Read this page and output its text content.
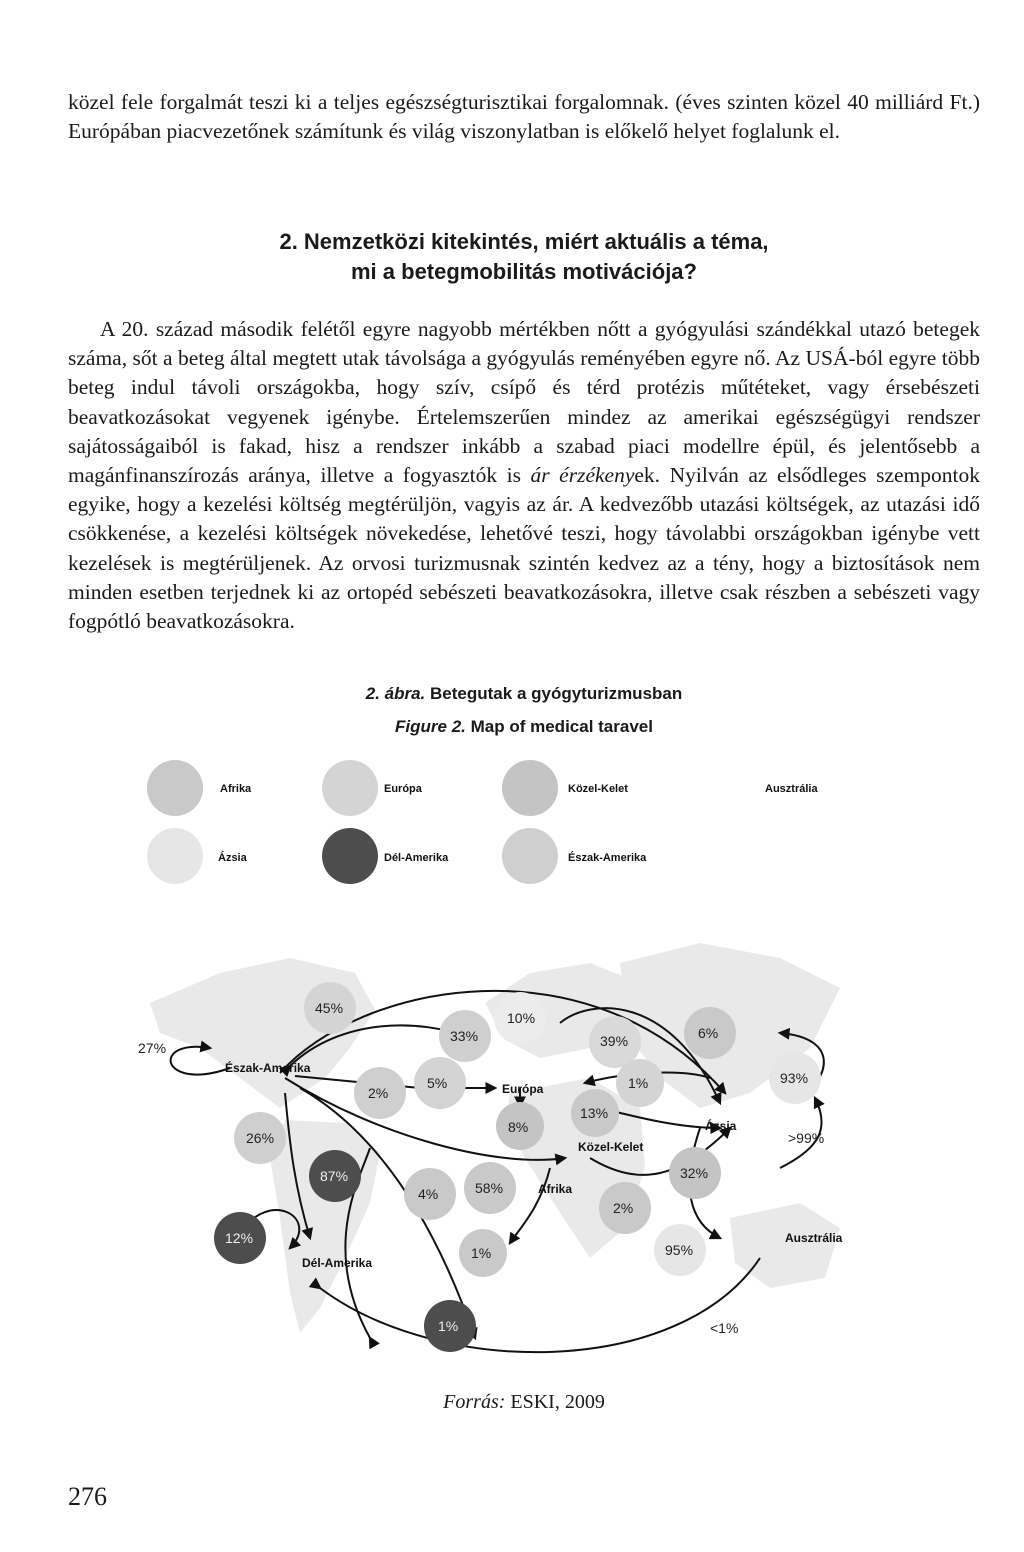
közel fele forgalmát teszi ki a teljes egészségturisztikai forgalomnak. (éves szinten közel 40 milliárd Ft.) Európában piacvezetőnek számítunk és világ viszonylatban is előkelő helyet foglalunk el.

2. Nemzetközi kitekintés, miért aktuális a téma,
mi a betegmobilitás motivációja?

A 20. század második felétől egyre nagyobb mértékben nőtt a gyógyulási szándékkal utazó betegek száma, sőt a beteg által megtett utak távolsága a gyógyulás reményében egyre nő. Az USÁ-ból egyre több beteg indul távoli országokba, hogy szív, csípő és térd protézis műtéteket, vagy érsebészeti beavatkozásokat vegyenek igénybe. Értelemszerűen mindez az amerikai egészségügyi rendszer sajátosságaiból is fakad, hisz a rendszer inkább a szabad piaci modellre épül, és jelentősebb a magánfinanszírozás aránya, illetve a fogyasztók is ár érzékenyek. Nyilván az elsődleges szempontok egyike, hogy a kezelési költség megtérüljön, vagyis az ár. A kedvezőbb utazási költségek, az utazási idő csökkenése, a kezelési költségek növekedése, lehetővé teszi, hogy távolabbi országokban igénybe vett kezelések is megtérüljenek. Az orvosi turizmusnak szintén kedvez az a tény, hogy a biztosítások nem minden esetben terjednek ki az ortopéd sebészeti beavatkozásokra, illetve csak részben a sebészeti vagy fogpótló beavatkozásokra.

2. ábra. Betegutak a gyógyturizmusban
Figure 2. Map of medical taravel
Afrika	Európa	Közel-Kelet	Ausztrália
Ázsia	Dél-Amerika	Észak-Amerika
45%
33%
10%
39%	6%
93%
2%
5%	1%
13%
8%
26%
87%
4%	58%
32%
2%
12%
1%	95%
1%
27%
>99%
<1%
Észak-Amerika
Európa
Közel-Kelet
Afrika
Ázsia
Dél-Amerika
Ausztrália
Forrás: ESKI, 2009
276
